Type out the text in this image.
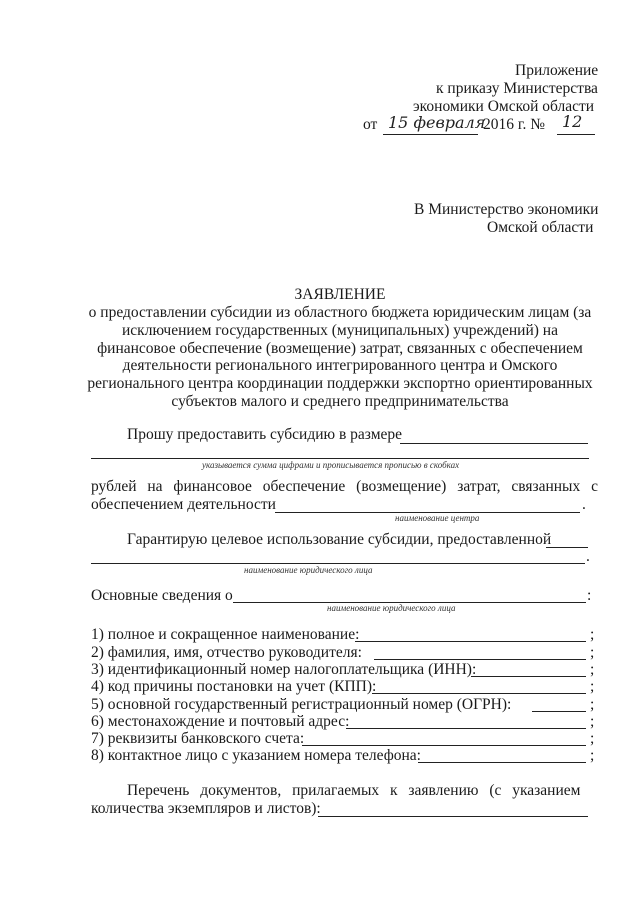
Приложение
к приказу Министерства
экономики Омской области
от 15 февраля
2016 г. № 12
В Министерство экономики
Омской области
ЗАЯВЛЕНИЕ
о предоставлении субсидии из областного бюджета юридическим лицам (за
исключением государственных (муниципальных) учреждений) на
финансовое обеспечение (возмещение) затрат, связанных с обеспечением
деятельности регионального интегрированного центра и Омского
регионального центра координации поддержки экспортно ориентированных
субъектов малого и среднего предпринимательства
Прошу предоставить субсидию в размере
указывается сумма цифрами и прописывается прописью в скобках
рублей на финансовое обеспечение (возмещение) затрат, связанных с
обеспечением деятельности	.
наименование центра
Гарантирую целевое использование субсидии, предоставленной
.
наименование юридического лица
Основные сведения о	:
наименование юридического лица
1) полное и сокращенное наименование:	;
2) фамилия, имя, отчество руководителя:	;
3) идентификационный номер налогоплательщика (ИНН):	;
4) код причины постановки на учет (КПП):	;
5) основной государственный регистрационный номер (ОГРН):	;
6) местонахождение и почтовый адрес:	;
7) реквизиты банковского счета:	;
8) контактное лицо с указанием номера телефона:	;
Перечень документов, прилагаемых к заявлению (с указанием
количества экземпляров и листов):
